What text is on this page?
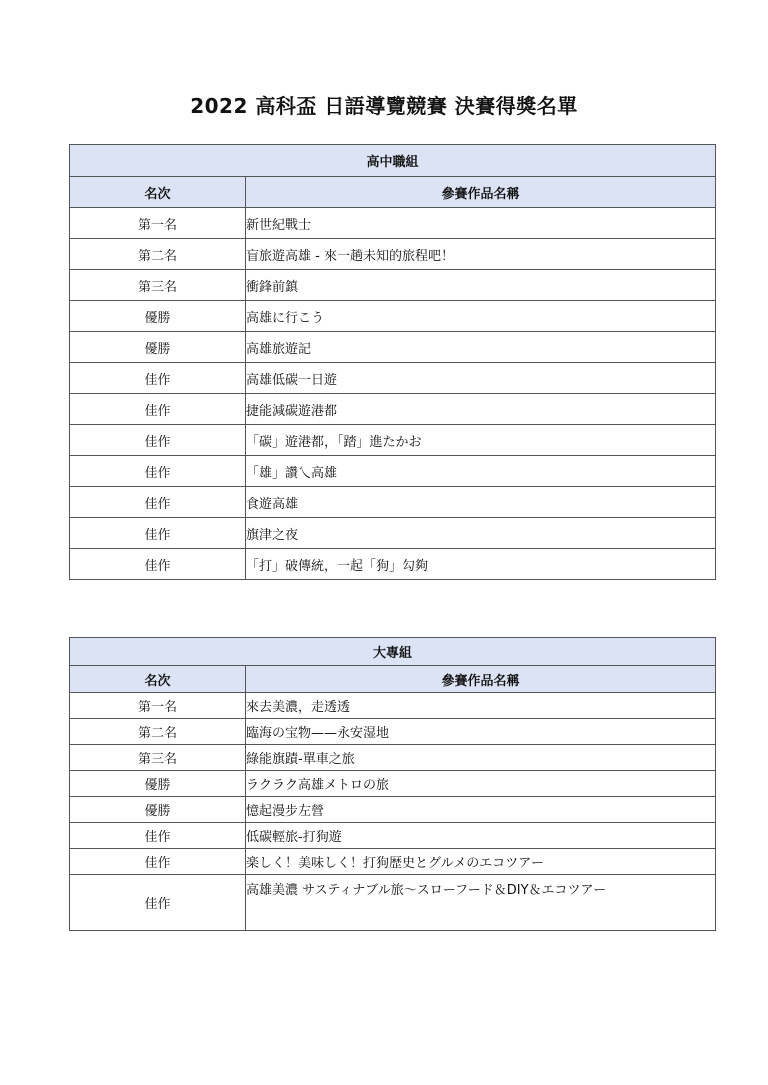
2022 高科盃 日語導覽競賽 決賽得獎名單
高中職組	
名次	參賽作品名稱
第一名	新世紀戰士
第二名	盲旅遊高雄 - 來一趟未知的旅程吧！
第三名	衝鋒前鎮
優勝	高雄に行こう
優勝	高雄旅遊記
佳作	高雄低碳一日遊
佳作	捷能減碳遊港都
佳作	「碳」遊港都，「踏」進たかお
佳作	「雄」讚乀高雄
佳作	食遊高雄
佳作	旗津之夜
佳作	「打」破傳統，一起「狗」勾夠
大專組	
名次	參賽作品名稱
第一名	來去美濃，走透透
第二名	臨海の宝物——永安湿地
第三名	綠能旗蹟-單車之旅
優勝	ラクラク高雄メトロの旅
優勝	憶起漫步左營
佳作	低碳輕旅-打狗遊
佳作	楽しく！美味しく！打狗歴史とグルメのエコツアー
佳作	高雄美濃 サスティナブル旅～スローフード＆DIY＆エコツアー
